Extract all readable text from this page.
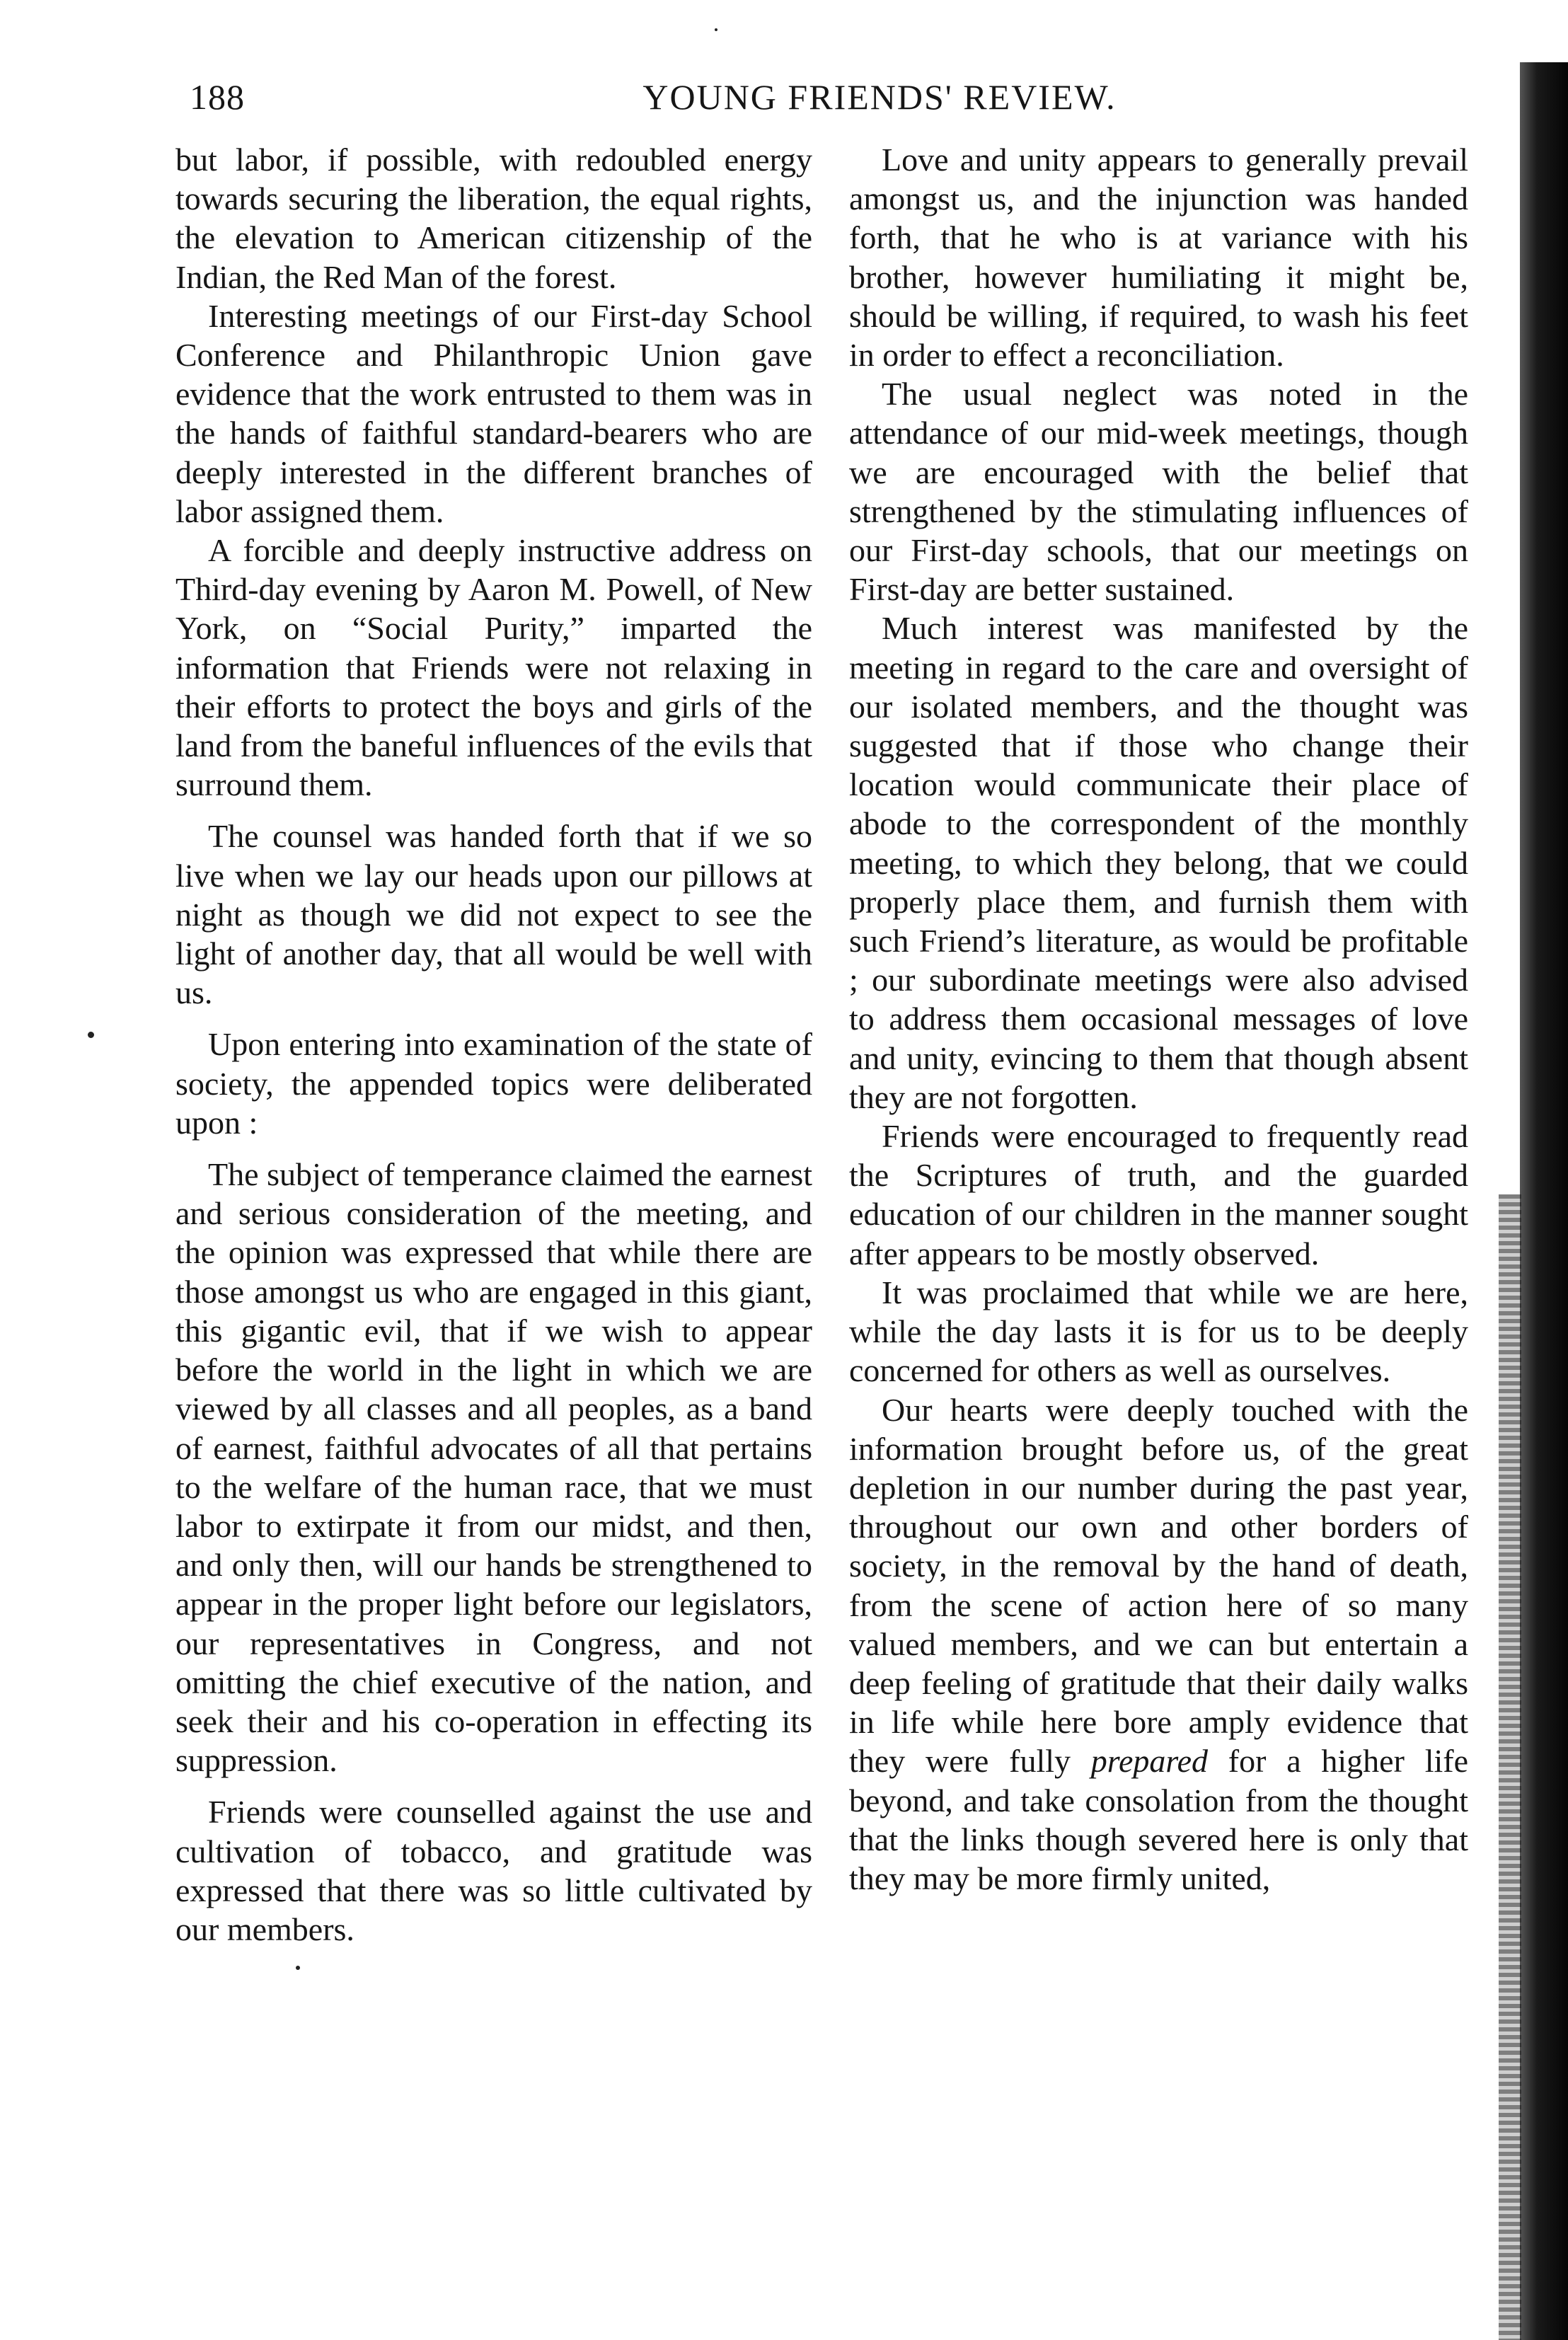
188	YOUNG FRIENDS' REVIEW.

but labor, if possible, with redoubled energy towards securing the liberation, the equal rights, the elevation to American citizenship of the Indian, the Red Man of the forest.

Interesting meetings of our First-day School Conference and Philanthropic Union gave evidence that the work entrusted to them was in the hands of faithful standard-bearers who are deeply interested in the different branches of labor assigned them.

A forcible and deeply instructive address on Third-day evening by Aaron M. Powell, of New York, on “Social Purity,” imparted the information that Friends were not relaxing in their efforts to protect the boys and girls of the land from the baneful influences of the evils that surround them.

The counsel was handed forth that if we so live when we lay our heads upon our pillows at night as though we did not expect to see the light of another day, that all would be well with us.

Upon entering into examination of the state of society, the appended topics were deliberated upon :

The subject of temperance claimed the earnest and serious consideration of the meeting, and the opinion was expressed that while there are those amongst us who are engaged in this giant, this gigantic evil, that if we wish to appear before the world in the light in which we are viewed by all classes and all peoples, as a band of earnest, faithful advocates of all that pertains to the welfare of the human race, that we must labor to extirpate it from our midst, and then, and only then, will our hands be strengthened to appear in the proper light before our legislators, our representatives in Congress, and not omitting the chief executive of the nation, and seek their and his co-operation in effecting its suppression.

Friends were counselled against the use and cultivation of tobacco, and gratitude was expressed that there was so little cultivated by our members.

Love and unity appears to generally prevail amongst us, and the injunction was handed forth, that he who is at variance with his brother, however humiliating it might be, should be willing, if required, to wash his feet in order to effect a reconciliation.

The usual neglect was noted in the attendance of our mid-week meetings, though we are encouraged with the belief that strengthened by the stimulating influences of our First-day schools, that our meetings on First-day are better sustained.

Much interest was manifested by the meeting in regard to the care and oversight of our isolated members, and the thought was suggested that if those who change their location would communicate their place of abode to the correspondent of the monthly meeting, to which they belong, that we could properly place them, and furnish them with such Friend’s literature, as would be profitable ; our subordinate meetings were also advised to address them occasional messages of love and unity, evincing to them that though absent they are not forgotten.

Friends were encouraged to frequently read the Scriptures of truth, and the guarded education of our children in the manner sought after appears to be mostly observed.

It was proclaimed that while we are here, while the day lasts it is for us to be deeply concerned for others as well as ourselves.

Our hearts were deeply touched with the information brought before us, of the great depletion in our number during the past year, throughout our own and other borders of society, in the removal by the hand of death, from the scene of action here of so many valued members, and we can but entertain a deep feeling of gratitude that their daily walks in life while here bore amply evidence that they were fully prepared for a higher life beyond, and take consolation from the thought that the links though severed here is only that they may be more firmly united,
